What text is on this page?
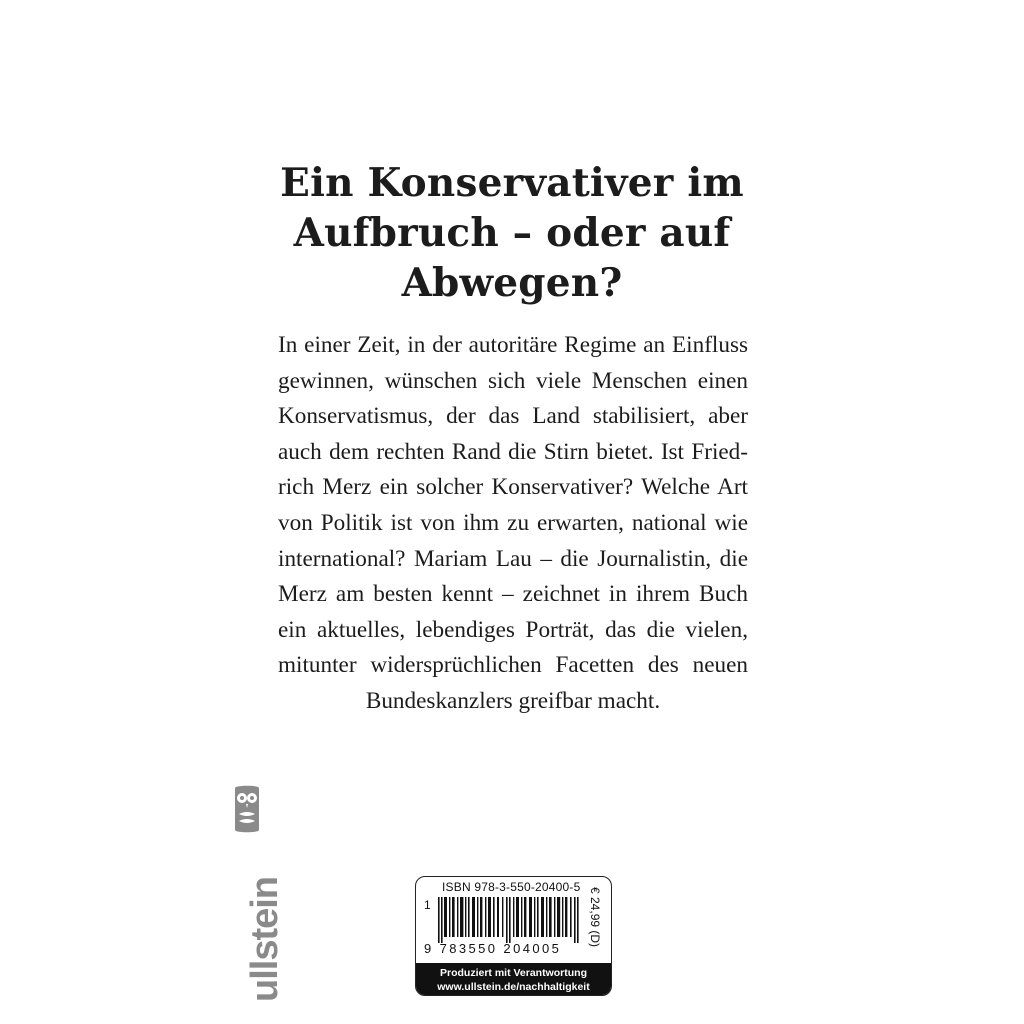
Ein Konservativer im
Aufbruch – oder auf
Abwegen?

In einer Zeit, in der autoritäre Regime an Einfluss
gewinnen, wünschen sich viele Menschen einen
Konservatismus, der das Land stabilisiert, aber
auch dem rechten Rand die Stirn bietet. Ist Fried-
rich Merz ein solcher Konservativer? Welche Art
von Politik ist von ihm zu erwarten, national wie
international? Mariam Lau – die Journalistin, die
Merz am besten kennt – zeichnet in ihrem Buch
ein aktuelles, lebendiges Porträt, das die vielen,
mitunter widersprüchlichen Facetten des neuen
Bundeskanzlers greifbar macht.

ullstein	ISBN 978-3-550-20400-5
1
9 783550 204005
€ 24,99 (D)
Produziert mit Verantwortung
www.ullstein.de/nachhaltigkeit
